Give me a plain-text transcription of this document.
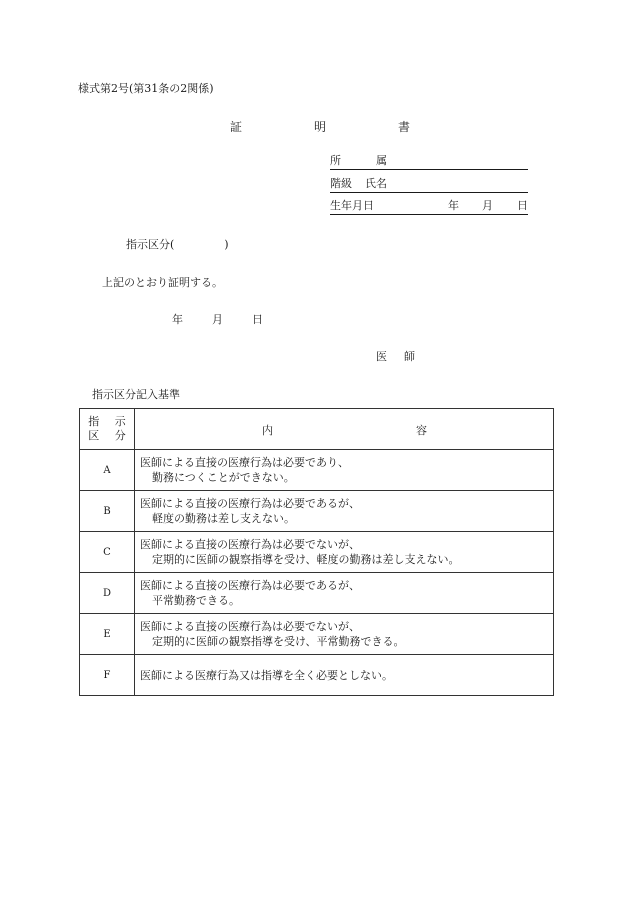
様式第2号(第31条の2関係)
証	明	書
所	属
階級 氏名
生年月日	年 月 日
指示区分(	)
上記のとおり証明する。
年	月	日
医 師
指示区分記入基準
指 示
区 分	内 容

A	医師による直接の医療行為は必要であり、
勤務につくことができない。

B	医師による直接の医療行為は必要であるが、
軽度の勤務は差し支えない。

C	医師による直接の医療行為は必要でないが、
定期的に医師の観察指導を受け、軽度の勤務は差し支えない。

D	医師による直接の医療行為は必要であるが、
平常勤務できる。

E	医師による直接の医療行為は必要でないが、
定期的に医師の観察指導を受け、平常勤務できる。

F	医師による医療行為又は指導を全く必要としない。
